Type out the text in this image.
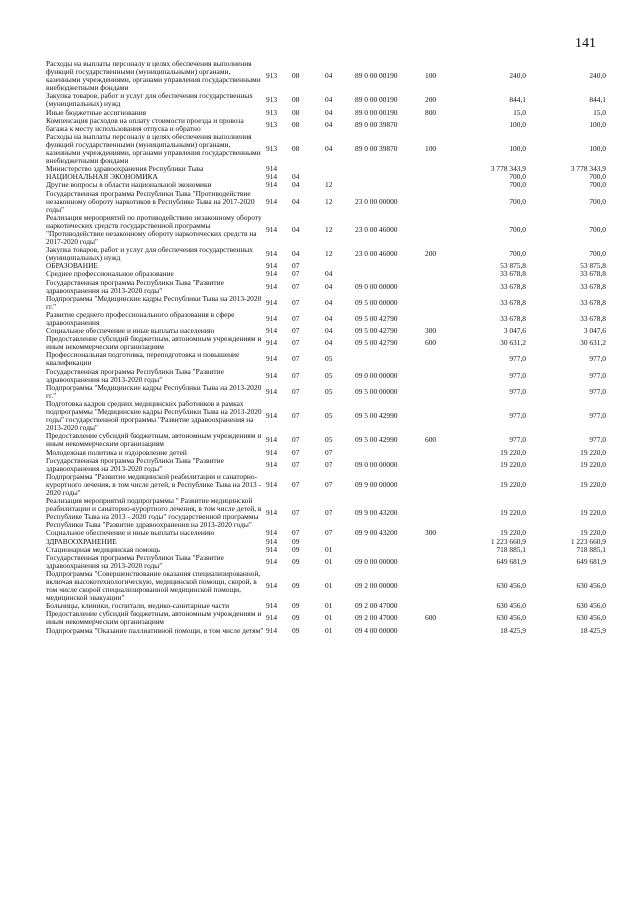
141
Расходы на выплаты персоналу в целях обеспечения выполнения функций государственными (муниципальными) органами, казенными учреждениями, органами управления государственными внебюджетными фондами	913	08	04	89 0 00 00190	100	240,0	240,0
Закупка товаров, работ и услуг для обеспечения государственных (муниципальных) нужд	913	08	04	89 0 00 00190	200	844,1	844,1
Иные бюджетные ассигнования	913	08	04	89 0 00 00190	800	15,0	15,0
Компенсация расходов на оплату стоимости проезда и провоза багажа к месту использования отпуска и обратно	913	08	04	89 0 00 39870		100,0	100,0
Расходы на выплаты персоналу в целях обеспечения выполнения функций государственными (муниципальными) органами, казенными учреждениями, органами управления государственными внебюджетными фондами	913	08	04	89 0 00 39870	100	100,0	100,0
Министерство здравоохранения Республики Тыва	914					3 778 343,9	3 778 343,9
НАЦИОНАЛЬНАЯ ЭКОНОМИКА	914	04				700,0	700,0
Другие вопросы в области национальной экономики	914	04	12			700,0	700,0
Государственная программа Республики Тыва "Противодействие незаконному обороту наркотиков в Республике Тыва на 2017-2020 годы"	914	04	12	23 0 00 00000		700,0	700,0
Реализация мероприятий по противодействию незаконному обороту наркотических средств государственной программы "Противодействие незаконному обороту наркотических средств на 2017-2020 годы"	914	04	12	23 0 00 46000		700,0	700,0
Закупка товаров, работ и услуг для обеспечения государственных (муниципальных) нужд	914	04	12	23 0 00 46000	200	700,0	700,0
ОБРАЗОВАНИЕ	914	07				53 875,8	53 875,8
Среднее профессиональное образование	914	07	04			33 678,8	33 678,8
Государственная программа Республики Тыва "Развитие здравоохранения на 2013-2020 годы"	914	07	04	09 0 00 00000		33 678,8	33 678,8
Подпрограмма "Медицинские кадры Республики Тыва на 2013-2020 гг."	914	07	04	09 5 00 00000		33 678,8	33 678,8
Развитие среднего профессионального образования в сфере здравоохранения	914	07	04	09 5 00 42790		33 678,8	33 678,8
Социальное обеспечение и иные выплаты населению	914	07	04	09 5 00 42790	300	3 047,6	3 047,6
Предоставление субсидий бюджетным, автономным учреждениям и иным некоммерческим организациям	914	07	04	09 5 00 42790	600	30 631,2	30 631,2
Профессиональная подготовка, переподготовка и повышение квалификации	914	07	05			977,0	977,0
Государственная программа Республики Тыва "Развитие здравоохранения на 2013-2020 годы"	914	07	05	09 0 00 00000		977,0	977,0
Подпрограмма "Медицинские кадры Республики Тыва на 2013-2020 гг."	914	07	05	09 5 00 00000		977,0	977,0
Подготовка кадров средних медицинских работников в рамках подпрограммы "Медицинские кадры Республики Тыва на 2013-2020 годы" государственной программы "Развитие здравоохранения на 2013-2020 годы"	914	07	05	09 5 00 42990		977,0	977,0
Предоставление субсидий бюджетным, автономным учреждениям и иным некоммерческим организациям	914	07	05	09 5 00 42990	600	977,0	977,0
Молодежная политика и оздоровление детей	914	07	07			19 220,0	19 220,0
Государственная программа Республики Тыва "Развитие здравоохранения на 2013-2020 годы"	914	07	07	09 0 00 00000		19 220,0	19 220,0
Подпрограмма "Развитие медицинской реабилитации и санаторно-курортного лечения, в том числе детей, в Республике Тыва на 2013 - 2020 годы"	914	07	07	09 9 00 00000		19 220,0	19 220,0
Реализация мероприятий подпрограммы " Развитие медицинской реабилитации и санаторно-курортного лечения, в том числе детей, в Республике Тыва на 2013 - 2020 годы" государственной программы Республики Тыва "Развитие здравоохранения на 2013-2020 годы"	914	07	07	09 9 00 43200		19 220,0	19 220,0
Социальное обеспечение и иные выплаты населению	914	07	07	09 9 00 43200	300	19 220,0	19 220,0
ЗДРАВООХРАНЕНИЕ	914	09				1 223 660,9	1 223 660,9
Стационарная медицинская помощь	914	09	01			718 885,1	718 885,1
Государственная программа Республики Тыва "Развитие здравоохранения на 2013-2020 годы"	914	09	01	09 0 00 00000		649 681,9	649 681,9
Подпрограмма "Совершенствование оказания специализированной, включая высокотехнологическую, медицинской помощи, скорой, в том числе скорой специализированной медицинской помощи, медицинской эвакуации"	914	09	01	09 2 00 00000		630 456,0	630 456,0
Больницы, клиники, госпитали, медико-санитарные части	914	09	01	09 2 00 47000		630 456,0	630 456,0
Предоставление субсидий бюджетным, автономным учреждениям и иным некоммерческим организациям	914	09	01	09 2 00 47000	600	630 456,0	630 456,0
Подпрограмма "Оказание паллиативной помощи, в том числе детям"	914	09	01	09 4 00 00000		18 425,9	18 425,9
